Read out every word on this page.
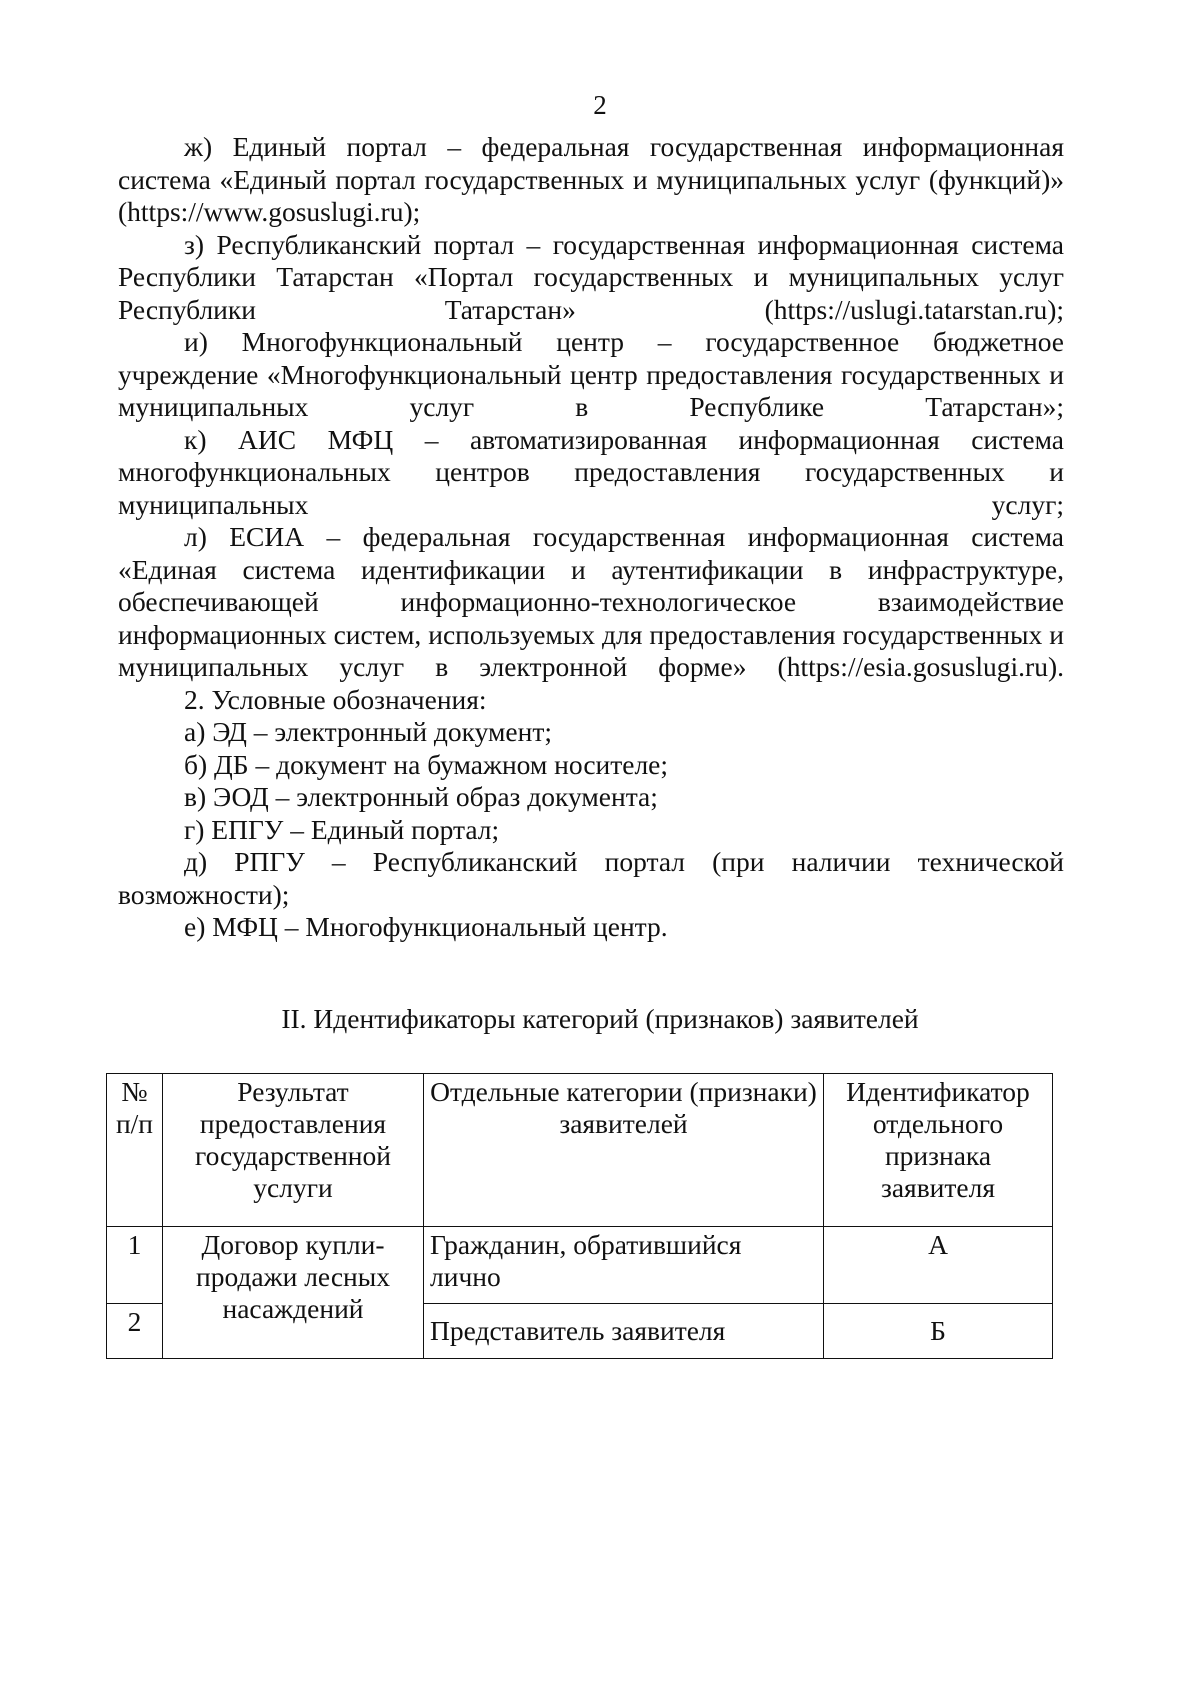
2

ж) Единый портал – федеральная государственная информационная система «Единый портал государственных и муниципальных услуг (функций)» (https://www.gosuslugi.ru);

з) Республиканский портал – государственная информационная система Республики Татарстан «Портал государственных и муниципальных услуг Республики Татарстан» (https://uslugi.tatarstan.ru);

и) Многофункциональный центр – государственное бюджетное учреждение «Многофункциональный центр предоставления государственных и муниципальных услуг в Республике Татарстан»;

к) АИС МФЦ – автоматизированная информационная система многофункциональных центров предоставления государственных и муниципальных услуг;

л) ЕСИА – федеральная государственная информационная система «Единая система идентификации и аутентификации в инфраструктуре, обеспечивающей информационно-технологическое взаимодействие информационных систем, используемых для предоставления государственных и муниципальных услуг в электронной форме» (https://esia.gosuslugi.ru).

2. Условные обозначения:

а) ЭД – электронный документ;

б) ДБ – документ на бумажном носителе;

в) ЭОД – электронный образ документа;

г) ЕПГУ – Единый портал;

д) РПГУ – Республиканский портал (при наличии технической возможности);

е) МФЦ – Многофункциональный центр.

II. Идентификаторы категорий (признаков) заявителей
№ п/п	Результат предоставления государственной услуги	Отдельные категории (признаки) заявителей	Идентификатор отдельного признака заявителя
1	Договор купли-продажи лесных насаждений	Гражданин, обратившийся лично	А
2		Представитель заявителя	Б
